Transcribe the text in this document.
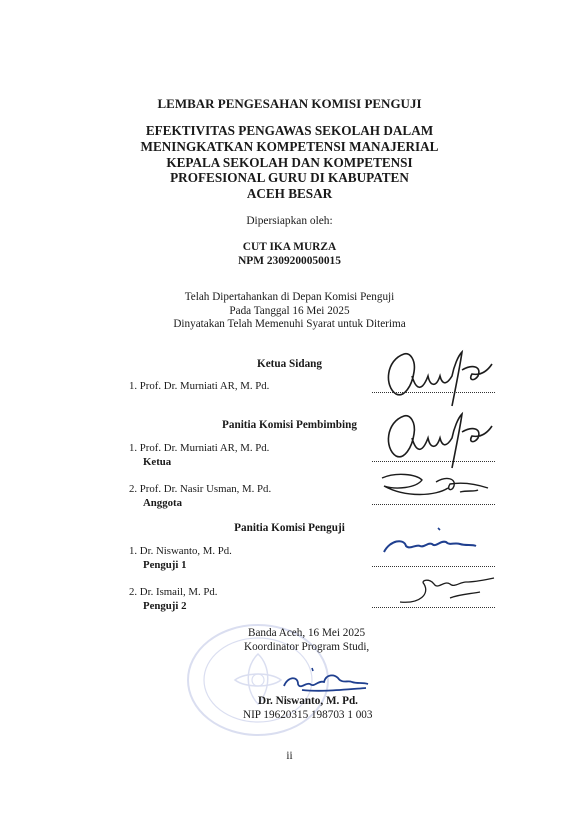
LEMBAR PENGESAHAN KOMISI PENGUJI
EFEKTIVITAS PENGAWAS SEKOLAH DALAM
MENINGKATKAN KOMPETENSI MANAJERIAL
KEPALA SEKOLAH DAN KOMPETENSI
PROFESIONAL GURU DI KABUPATEN
ACEH BESAR
Dipersiapkan oleh:
CUT IKA MURZA
NPM 2309200050015
Telah Dipertahankan di Depan Komisi Penguji
Pada Tanggal 16 Mei 2025
Dinyatakan Telah Memenuhi Syarat untuk Diterima
Ketua Sidang
1. Prof. Dr. Murniati AR, M. Pd.
Panitia Komisi Pembimbing
1. Prof. Dr. Murniati AR, M. Pd.
Ketua
2. Prof. Dr. Nasir Usman, M. Pd.
Anggota
Panitia Komisi Penguji
1. Dr. Niswanto, M. Pd.
Penguji 1
2. Dr. Ismail, M. Pd.
Penguji 2
Banda Aceh, 16 Mei 2025
Koordinator Program Studi,
Dr. Niswanto, M. Pd.
NIP 19620315 198703 1 003
ii
